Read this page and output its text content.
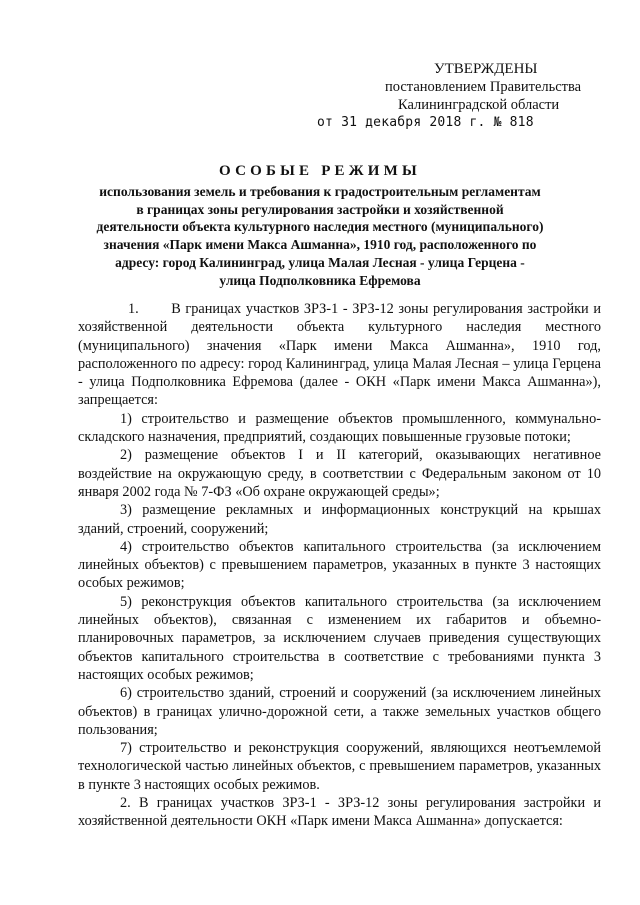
УТВЕРЖДЕНЫ
постановлением Правительства
Калининградской области
от 31 декабря 2018 г. № 818
ОСОБЫЕ РЕЖИМЫ
использования земель и требования к градостроительным регламентам
в границах зоны регулирования застройки и хозяйственной
деятельности объекта культурного наследия местного (муниципального)
значения «Парк имени Макса Ашманна», 1910 год, расположенного по
адресу: город Калининград, улица Малая Лесная - улица Герцена -
улица Подполковника Ефремова

1.       В границах участков ЗРЗ-1 - ЗРЗ-12 зоны регулирования застройки и хозяйственной деятельности объекта культурного наследия местного (муниципального) значения «Парк имени Макса Ашманна», 1910 год, расположенного по адресу: город Калининград, улица Малая Лесная – улица Герцена - улица Подполковника Ефремова (далее - ОКН «Парк имени Макса Ашманна»), запрещается:

1) строительство и размещение объектов промышленного, коммунально-складского назначения, предприятий, создающих повышенные грузовые потоки;

2) размещение объектов I и II категорий, оказывающих негативное воздействие на окружающую среду, в соответствии с Федеральным законом от 10 января 2002 года № 7-ФЗ «Об охране окружающей среды»;

3) размещение рекламных и информационных конструкций на крышах зданий, строений, сооружений;

4) строительство объектов капитального строительства (за исключением линейных объектов) с превышением параметров, указанных в пункте 3 настоящих особых режимов;

5) реконструкция объектов капитального строительства (за исключением линейных объектов), связанная с изменением их габаритов и объемно-планировочных параметров, за исключением случаев приведения существующих объектов капитального строительства в соответствие с требованиями пункта 3 настоящих особых режимов;

6) строительство зданий, строений и сооружений (за исключением линейных объектов) в границах улично-дорожной сети, а также земельных участков общего пользования;

7) строительство и реконструкция сооружений, являющихся неотъемлемой технологической частью линейных объектов, с превышением параметров, указанных в пункте 3 настоящих особых режимов.

2. В границах участков ЗРЗ-1 - ЗРЗ-12 зоны регулирования застройки и хозяйственной деятельности ОКН «Парк имени Макса Ашманна» допускается:
